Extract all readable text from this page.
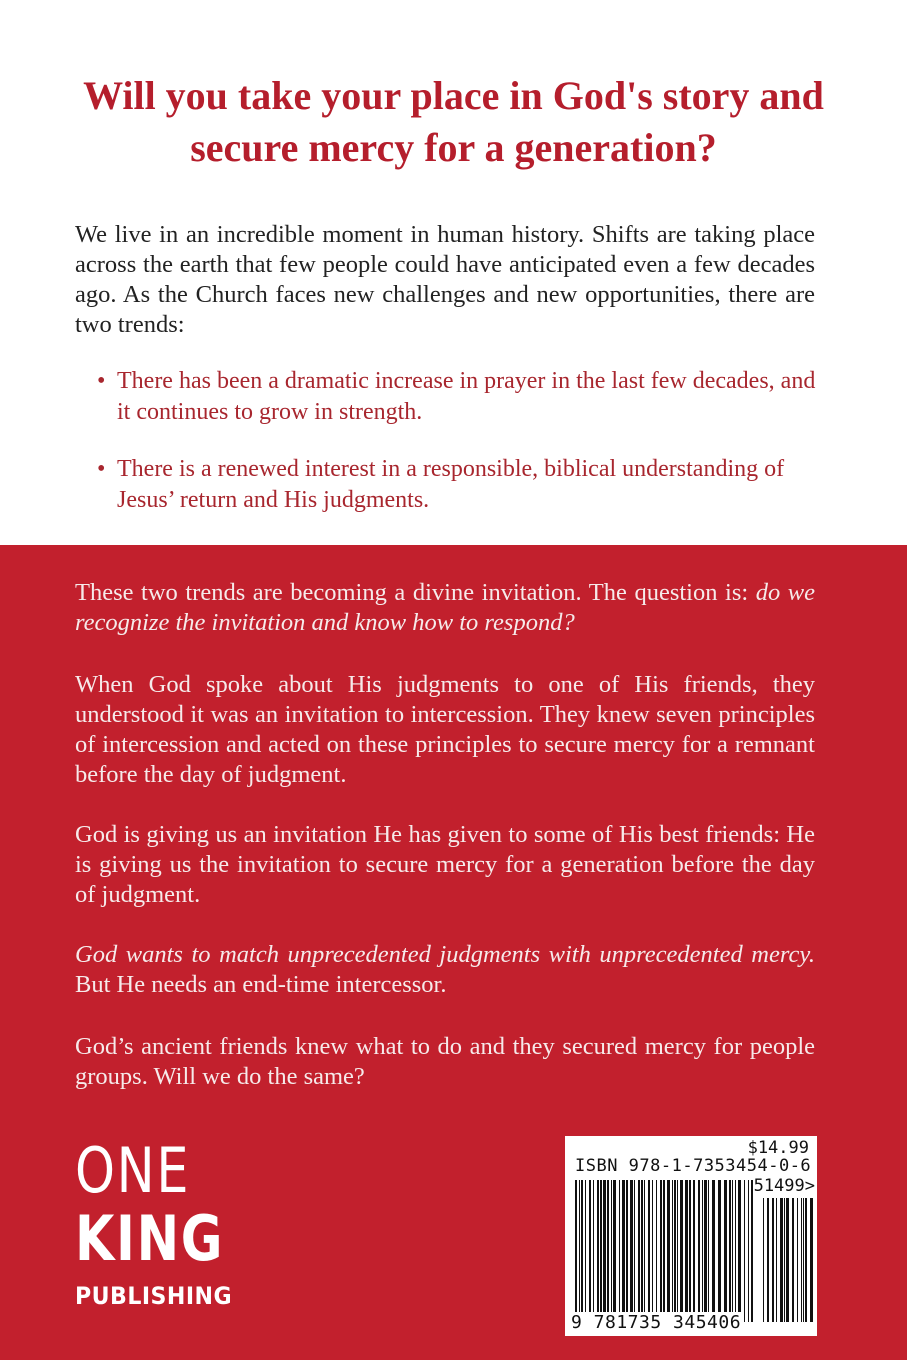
Will you take your place in God's story and secure mercy for a generation?

We live in an incredible moment in human history. Shifts are taking place across the earth that few people could have anticipated even a few decades ago. As the Church faces new challenges and new opportunities, there are two trends:

• There has been a dramatic increase in prayer in the last few decades, and it continues to grow in strength.
• There is a renewed interest in a responsible, biblical understanding of Jesus’ return and His judgments.

These two trends are becoming a divine invitation. The question is: do we recognize the invitation and know how to respond?

When God spoke about His judgments to one of His friends, they understood it was an invitation to intercession. They knew seven principles of intercession and acted on these principles to secure mercy for a remnant before the day of judgment.

God is giving us an invitation He has given to some of His best friends: He is giving us the invitation to secure mercy for a generation before the day of judgment.

God wants to match unprecedented judgments with unprecedented mercy. But He needs an end-time intercessor.

God’s ancient friends knew what to do and they secured mercy for people groups. Will we do the same?

ONE
KING
PUBLISHING
$14.99
ISBN 978-1-7353454-0-6
51499>
9 781735 345406
